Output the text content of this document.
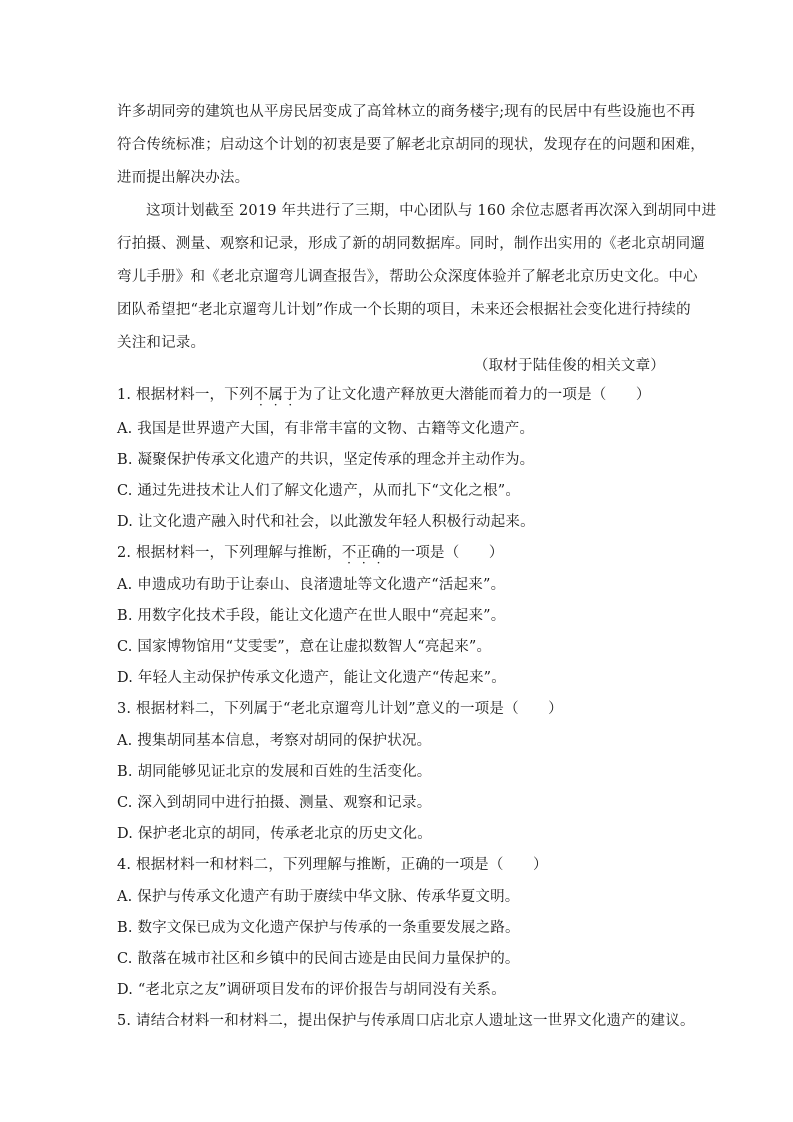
许多胡同旁的建筑也从平房民居变成了高耸林立的商务楼宇;现有的民居中有些设施也不再
符合传统标准；启动这个计划的初衷是要了解老北京胡同的现状，发现存在的问题和困难，
进而提出解决办法。
这项计划截至 2019 年共进行了三期，中心团队与 160 余位志愿者再次深入到胡同中进
行拍摄、测量、观察和记录，形成了新的胡同数据库。同时，制作出实用的《老北京胡同遛
弯儿手册》和《老北京遛弯儿调查报告》，帮助公众深度体验并了解老北京历史文化。中心
团队希望把“老北京遛弯儿计划”作成一个长期的项目，未来还会根据社会变化进行持续的
关注和记录。
（取材于陆佳俊的相关文章）
1. 根据材料一，下列不属于为了让文化遗产释放更大潜能而着力的一项是（　　）
A. 我国是世界遗产大国，有非常丰富的文物、古籍等文化遗产。
B. 凝聚保护传承文化遗产的共识，坚定传承的理念并主动作为。
C. 通过先进技术让人们了解文化遗产，从而扎下“文化之根”。
D. 让文化遗产融入时代和社会，以此激发年轻人积极行动起来。
2. 根据材料一，下列理解与推断，不正确的一项是（　　）
A. 申遗成功有助于让泰山、良渚遗址等文化遗产“活起来”。
B. 用数字化技术手段，能让文化遗产在世人眼中“亮起来”。
C. 国家博物馆用“艾雯雯”，意在让虚拟数智人“亮起来”。
D. 年轻人主动保护传承文化遗产，能让文化遗产“传起来”。
3. 根据材料二，下列属于“老北京遛弯儿计划”意义的一项是（　　）
A. 搜集胡同基本信息，考察对胡同的保护状况。
B. 胡同能够见证北京的发展和百姓的生活变化。
C. 深入到胡同中进行拍摄、测量、观察和记录。
D. 保护老北京的胡同，传承老北京的历史文化。
4. 根据材料一和材料二，下列理解与推断，正确的一项是（　　）
A. 保护与传承文化遗产有助于赓续中华文脉、传承华夏文明。
B. 数字文保已成为文化遗产保护与传承的一条重要发展之路。
C. 散落在城市社区和乡镇中的民间古迹是由民间力量保护的。
D. “老北京之友”调研项目发布的评价报告与胡同没有关系。
5. 请结合材料一和材料二，提出保护与传承周口店北京人遗址这一世界文化遗产的建议。
